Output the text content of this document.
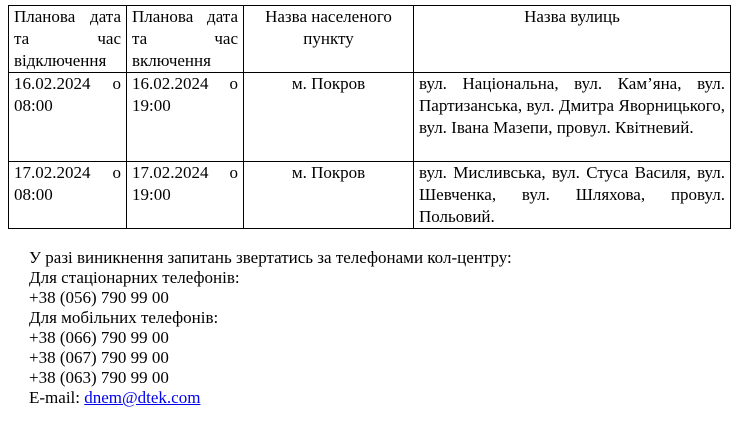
Планова дата та час відключення	Планова дата та час включення	Назва населеного пункту	Назва вулиць
16.02.2024 о 08:00	16.02.2024 о 19:00	м. Покров	вул. Національна, вул. Кам’яна, вул. Партизанська, вул. Дмитра Яворницького, вул. Івана Мазепи, провул. Квітневий.
17.02.2024 о 08:00	17.02.2024 о 19:00	м. Покров	вул. Мисливська, вул. Стуса Василя, вул. Шевченка, вул. Шляхова, провул. Польовий.
У разі виникнення запитань звертатись за телефонами кол-центру:
Для стаціонарних телефонів:
+38 (056) 790 99 00
Для мобільних телефонів:
+38 (066) 790 99 00
+38 (067) 790 99 00
+38 (063) 790 99 00
E-mail: dnem@dtek.com
